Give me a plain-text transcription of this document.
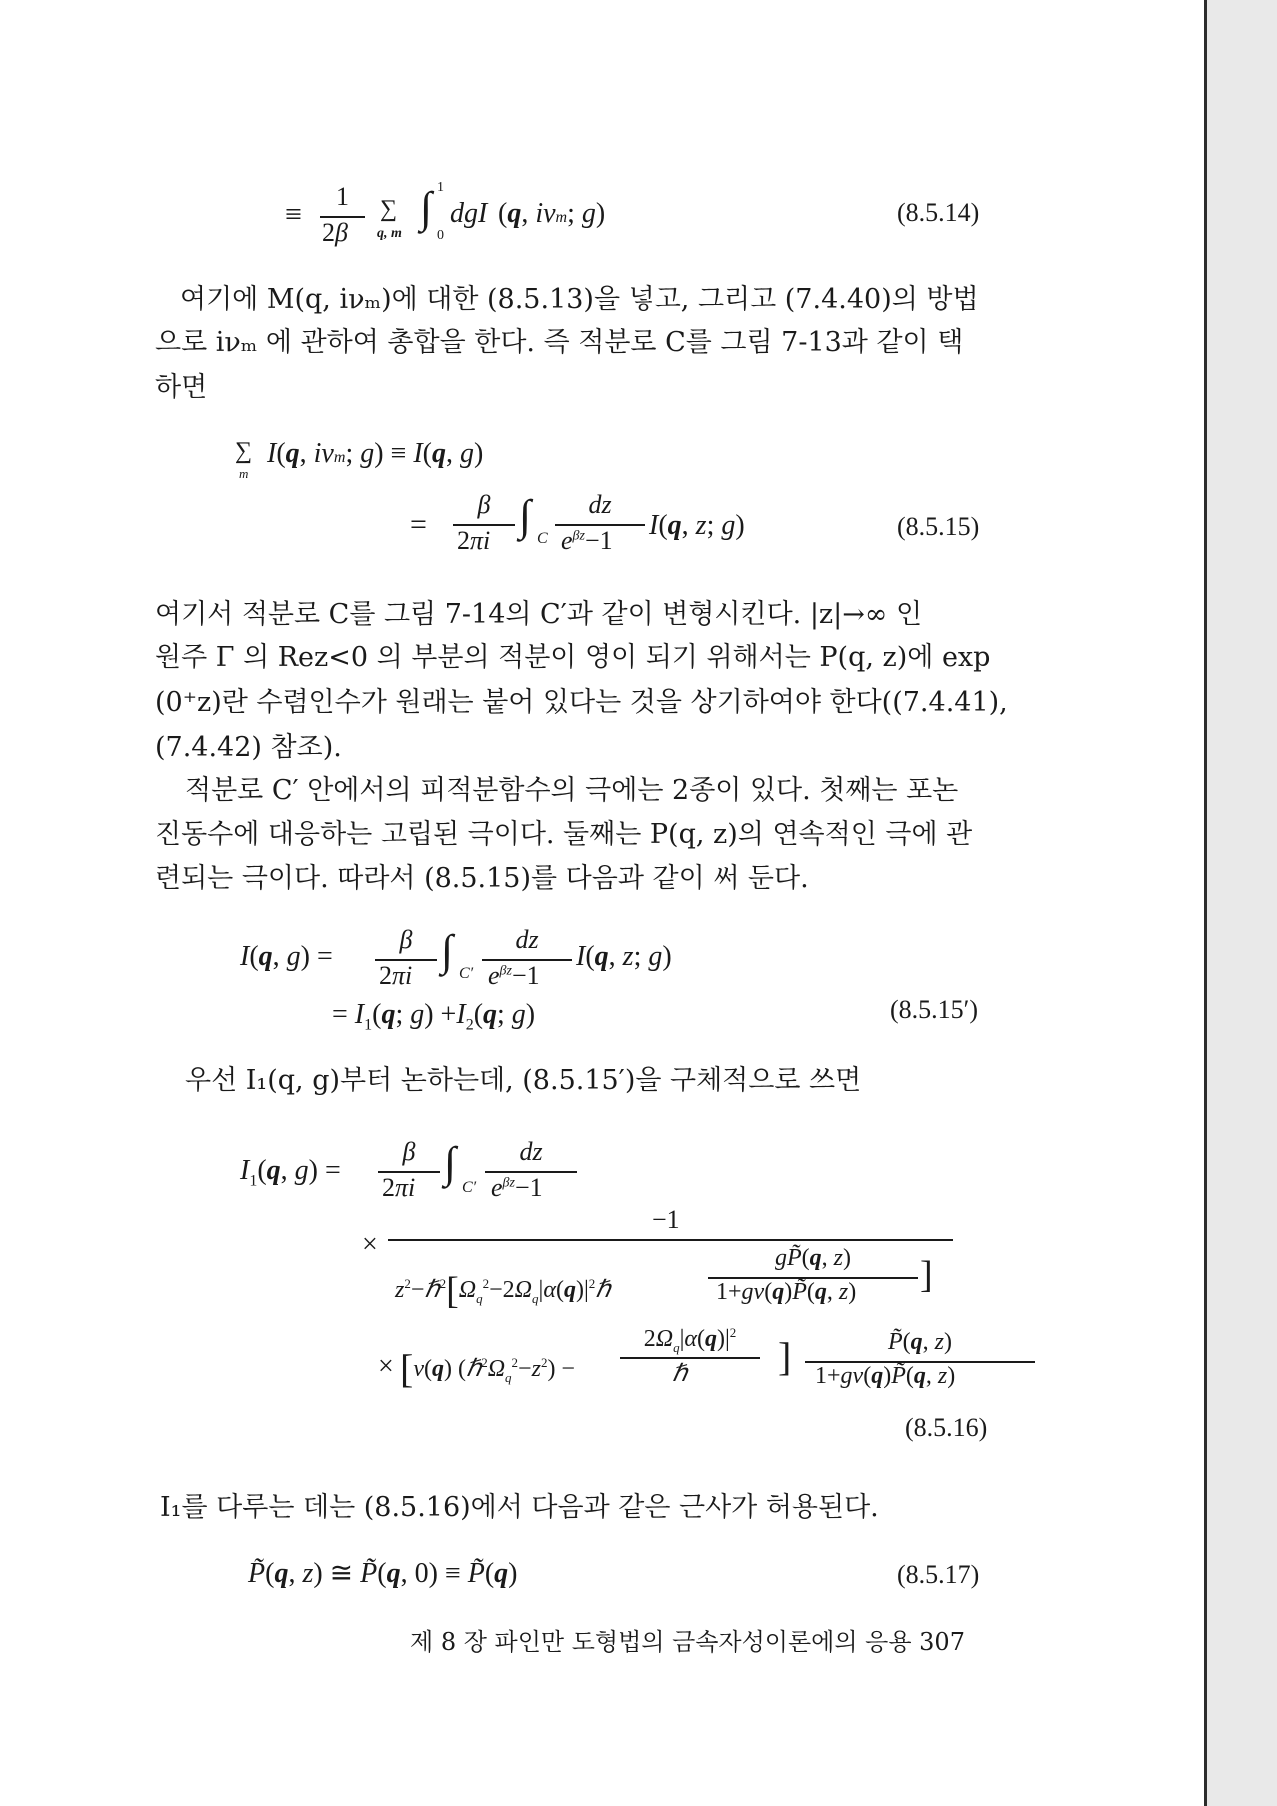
≡
1
2β
∑
q, m
∫ 1
0
dgI (q, iνm; g)	(8.5.14)
여기에 M(q, iνₘ)에 대한 (8.5.13)을 넣고, 그리고 (7.4.40)의 방법
으로 iνₘ 에 관하여 총합을 한다. 즉 적분로 C를 그림 7-13과 같이 택
하면
∑
m
I(q, iνm; g) ≡ I(q, g)
=
β
2πi
∫ C
dz
$e^{\beta z}-1$ I(q, z; g)	(8.5.15)
여기서 적분로 C를 그림 7-14의 C′과 같이 변형시킨다. |z|→∞ 인
원주 Γ 의 Rez<0 의 부분의 적분이 영이 되기 위해서는 P(q, z)에 exp
(0⁺z)란 수렴인수가 원래는 붙어 있다는 것을 상기하여야 한다((7.4.41),
(7.4.42) 참조).
적분로 C′ 안에서의 피적분함수의 극에는 2종이 있다. 첫째는 포논
진동수에 대응하는 고립된 극이다. 둘째는 P(q, z)의 연속적인 극에 관
련되는 극이다. 따라서 (8.5.15)를 다음과 같이 써 둔다.
I(q, g) =
β
2πi
∫ C′
dz
$e^{\beta z}-1$
I(q, z; g)
= $I_1(q$; $g) +I_2(q$; g)	(8.5.15′)
우선 I₁(q, g)부터 논하는데, (8.5.15′)을 구체적으로 쓰면
$I_1(q$, g) =
β
2πi
∫
C′
dz
$e^{\beta z}-1$
×
−1
$z^2-\hbar^2[\Omega_q^2-2\Omega_q|\alpha(q)|^2\hbar$
gP̃(q, z)
1+gv(q)P̃(q, z) ]
× [v(q) $(\hbar^2\Omega_q^2-z^2)$ −
$2\Omega_q|\alpha(q)|^2$
ℏ ]	P̃(q, z)
1+gv(q)P̃(q, z)
(8.5.16)
I₁를 다루는 데는 (8.5.16)에서 다음과 같은 근사가 허용된다.
P̃(q, z) ≅ P̃(q, 0) ≡ P̃(q)	(8.5.17)
제 8 장 파인만 도형법의 금속자성이론에의 응용 307
